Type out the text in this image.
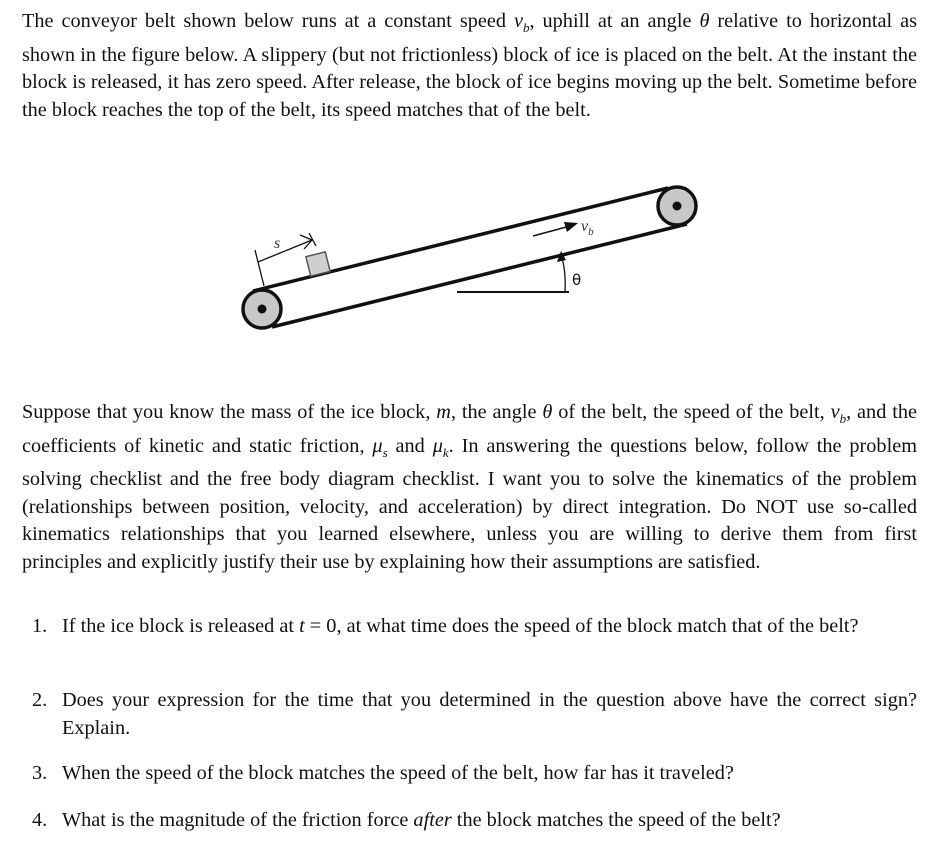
The conveyor belt shown below runs at a constant speed $v_b$, uphill at an angle θ relative to horizontal as shown in the figure below. A slippery (but not frictionless) block of ice is placed on the belt. At the instant the block is released, it has zero speed. After release, the block of ice begins moving up the belt. Sometime before the block reaches the top of the belt, its speed matches that of the belt.

s
$v_b$
θ

Suppose that you know the mass of the ice block, m, the angle θ of the belt, the speed of the belt, $v_b$, and the coefficients of kinetic and static friction, $\mu_s$ and $\mu_k$. In answering the questions below, follow the problem solving checklist and the free body diagram checklist. I want you to solve the kinematics of the problem (relationships between position, velocity, and acceleration) by direct integration. Do NOT use so-called kinematics relationships that you learned elsewhere, unless you are willing to derive them from first principles and explicitly justify their use by explaining how their assumptions are satisfied.

1. If the ice block is released at t = 0, at what time does the speed of the block match that of the belt?
2. Does your expression for the time that you determined in the question above have the correct sign? Explain.
3. When the speed of the block matches the speed of the belt, how far has it traveled?
4. What is the magnitude of the friction force after the block matches the speed of the belt?
